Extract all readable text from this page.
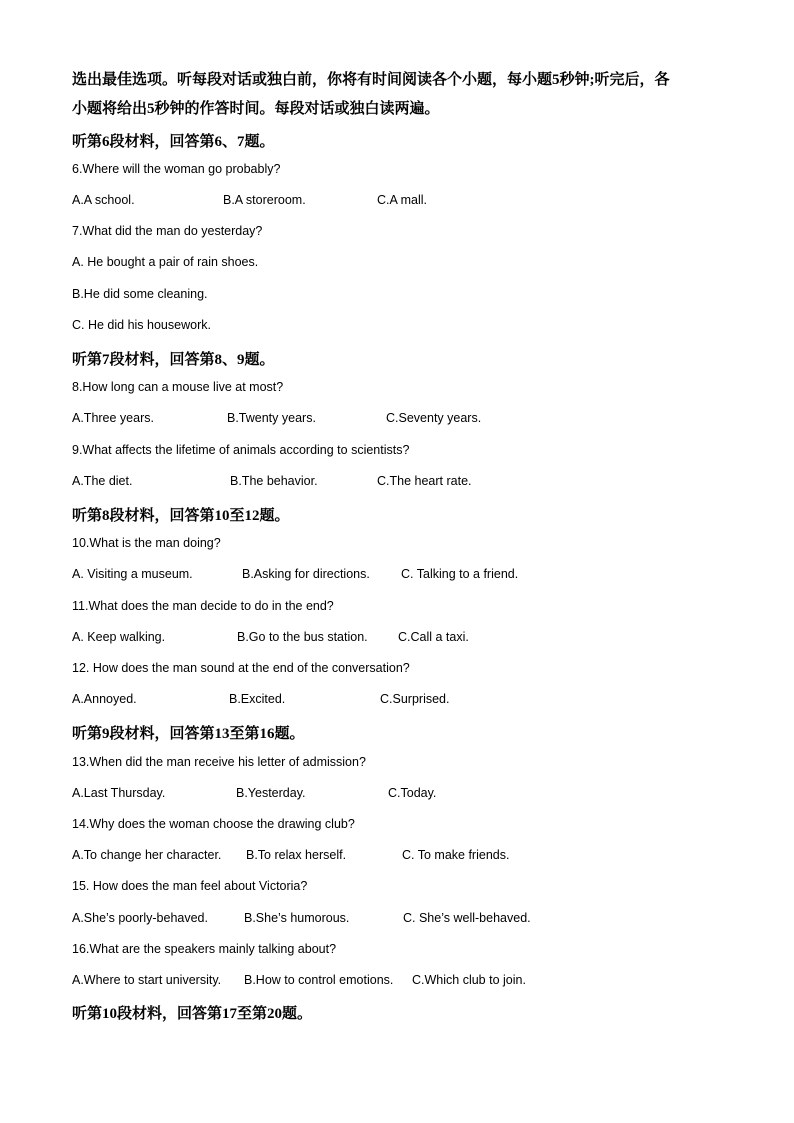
选出最佳选项。听每段对话或独白前，你将有时间阅读各个小题，每小题5秒钟;听完后，各

小题将给出5秒钟的作答时间。每段对话或独白读两遍。

听第6段材料，回答第6、7题。
6.Where will the woman go probably?
A.A school.	B.A storeroom.	C.A mall.
7.What did the man do yesterday?
A. He bought a pair of rain shoes.
B.He did some cleaning.
C. He did his housework.
听第7段材料，回答第8、9题。
8.How long can a mouse live at most?
A.Three years.	B.Twenty years.	C.Seventy years.
9.What affects the lifetime of animals according to scientists?
A.The diet.	B.The behavior.	C.The heart rate.
听第8段材料，回答第10至12题。
10.What is the man doing?
A. Visiting a museum.	B.Asking for directions. C. Talking to a friend.
11.What does the man decide to do in the end?
A. Keep walking.	B.Go to the bus station. C.Call a taxi.
12. How does the man sound at the end of the conversation?
A.Annoyed.	B.Excited.	C.Surprised.
听第9段材料，回答第13至第16题。
13.When did the man receive his letter of admission?
A.Last Thursday.	B.Yesterday.	C.Today.
14.Why does the woman choose the drawing club?
A.To change her character. B.To relax herself.	C. To make friends.
15. How does the man feel about Victoria?
A.She’s poorly-behaved.	B.She’s humorous.	C. She’s well-behaved.
16.What are the speakers mainly talking about?
A.Where to start university. B.How to control emotions. C.Which club to join.
听第10段材料，回答第17至第20题。
